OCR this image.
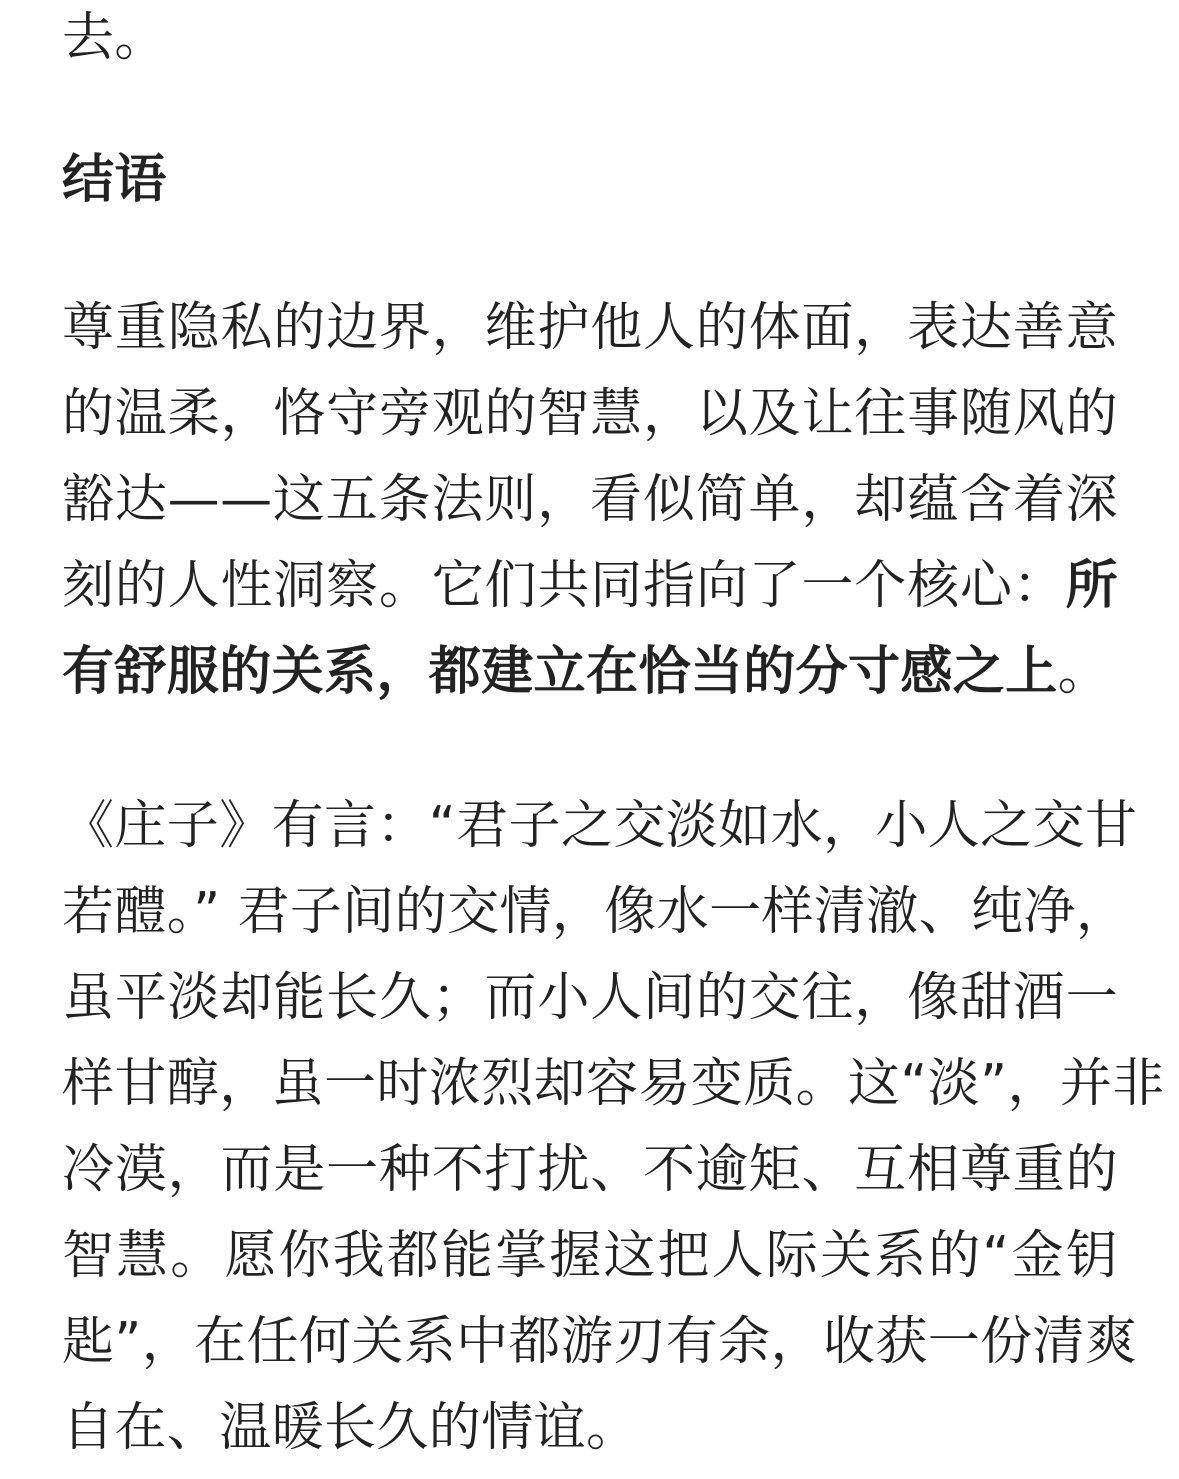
去。
结语
尊重隐私的边界，维护他人的体面，表达善意
的温柔，恪守旁观的智慧，以及让往事随风的
豁达——这五条法则，看似简单，却蕴含着深
刻的人性洞察。它们共同指向了一个核心：所
有舒服的关系，都建立在恰当的分寸感之上。
《庄子》有言：“君子之交淡如水，小人之交甘
若醴。” 君子间的交情，像水一样清澈、纯净，
虽平淡却能长久；而小人间的交往，像甜酒一
样甘醇，虽一时浓烈却容易变质。这“淡”，并非
冷漠，而是一种不打扰、不逾矩、互相尊重的
智慧。愿你我都能掌握这把人际关系的“金钥
匙”，在任何关系中都游刃有余，收获一份清爽
自在、温暖长久的情谊。
